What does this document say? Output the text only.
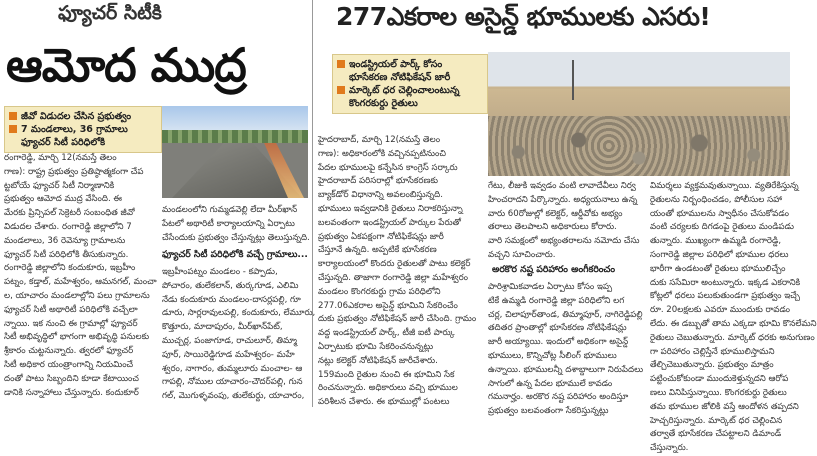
ఫ్యూచర్ సిటీకి
ఆమోద ముద్ర
జీవో విడుదల చేసిన ప్రభుత్వం
7 మండలాలు, 36 గ్రామాలు
ఫ్యూచర్ సిటీ పరిధిలోకి
రంగారెడ్డి, మార్చి 12(నమస్తే తెలం
గాణ): రాష్ట్ర ప్రభుత్వం ప్రతిష్ఠాత్మకంగా చేప
ట్టబోయే ఫ్యూచర్ సిటీ నిర్మాణానికి
ప్రభుత్వం ఆమోద ముద్ర వేసింది. ఈ
మేరకు ప్రిన్సిపల్ సెక్రెటరీ సంబంధిత జీవో
విడుదల చేశారు. రంగారెడ్డి జిల్లాలోని 7
మండలాలు, 36 రెవెన్యూ గ్రామాలను
ఫ్యూచర్ సిటీ పరిధిలోకి తీసుకున్నారు.
రంగారెడ్డి జిల్లాలోని కందుకూరు, ఇబ్రహీం
పట్నం, కడ్తాల్, మహేశ్వరం, ఆమనగల్, మంచా
ల, యాచారం మండలాల్లోని పలు గ్రామాలను
ఫ్యూచర్ సిటీ అథారిటీ పరిధిలోకి వచ్చేలా
న్నాయి. ఇక నుంచి ఈ గ్రామాల్లో ఫ్యూచర్
సిటీ అభివృద్ధిలో భాగంగా అభివృద్ధి పనులకు
శ్రీకారం చుట్టనున్నారు. త్వరలో ఫ్యూచర్
సిటీ అధికార యంత్రాంగాన్ని నియమించే
దంతో పాటు సిబ్బందిని కూడా కేటాయించ
డానికి సన్నాహాలు చేస్తున్నారు. కందుకూర్
మండలంలోని గుమ్మడవెల్లి లేదా మీర్‌ఖాన్
పేటలో అథారిటీ కార్యాలయాన్ని ఏర్పాటు
చేసేందుకు ప్రభుత్వం చేస్తున్నట్లు తెలుస్తున్నది.
ఫ్యూచర్ సిటీ పరిధిలోకి వచ్చే గ్రామాలు...
ఇబ్రహీంపట్నం మండలం - కప్పాడు,
పోచారం, తులేకలాన్, తుర్కగూడ, ఎలిమి
నేడు కందుకూరు మండలం-దాసర్లపల్లి, గూ
డూరు, సార్లరావులపల్లి, కందుకూరు, లేమూరు,
కొత్తూరు, మాదాపురం, మీర్‌ఖాన్‌పేట్,
ముచ్చర్ల, పంజాగూడ, రాచులూర్, తిమ్మా
పూర్, సాయిరెడ్డిగూడ మహేశ్వరం- మహే
శ్వరం, నాగారం, తుమ్మలూరు మంచాల- ఆ
గాపల్లి, నోముల యాచారం-చౌదర్‌పల్లి, గున
గల్, మొగుళ్ళవంపు, తులేకుర్దు, యాచారం,
277ఎకరాల అసైన్డ్ భూములకు ఎసరు!
ఇండస్ట్రియల్ పార్క్ కోసం
భూసేకరణ నోటిఫికేషన్ జారీ
మార్కెట్ ధర చెల్లించాలంటున్న
కొంగరకుర్దు రైతులు
హైదరాబాద్, మార్చి 12(నమస్తే తెలం
గాణ): అధికారంలోకి వచ్చినప్పటినుంచి
పేదల భూములపై కన్నేసిన కాంగ్రెస్ సర్కారు
హైదరాబాద్ పరిసరాల్లో భూసేకరణకు
బ్యాక్‌డోర్ విధానాన్ని అవలంబిస్తున్నది.
భూములు ఇవ్వడానికి రైతులు నిరాకరిస్తున్నా
బలవంతంగా ఇండస్ట్రియల్ పార్కుల పేరుతో
ప్రభుత్వం ఏకపక్షంగా నోటిఫికేషన్లు జారీ
చేస్తూనే ఉన్నది. అప్పటికే భూసేకరణ
కార్యాలయంలో కొందరు రైతులతో పాటు కలెక్టర్
చేస్తున్నది. తాజాగా రంగారెడ్డి జిల్లా మహేశ్వరం
మండలం కొంగరకుర్దు గ్రామ పరిధిలోని
277.06ఎకరాల అసైన్డ్ భూమిని సేకరించేం
దుకు ప్రభుత్వం నోటిఫికేషన్ జారీ చేసింది. గ్రామం
వద్ద ఇండస్ట్రియల్ పార్క్, టీజీ ఐటీ పార్కు
ఏర్పాటుకు భూమి సేకరించనున్నట్లు
నట్లు కలెక్టర్ నోటిఫికేషన్ జారీచేశారు.
159మంది రైతుల నుంచి ఈ భూమిని సేక
రించనున్నారు. అధికారులు వచ్చి భూముల
పరిశీలన చేశారు. ఈ భూముల్లో పంటలు
గేటు, లీజుకి ఇవ్వడం వంటి లావాదేవీలు నిర్వ
హించరాదని పేర్కొన్నారు. అధ్యయనాలు ఉన్న
వారు 60రోజుల్లో కలెక్టర్, ఆర్డీవోకు అభ్యం
తరాలు తెలపాలని అధికారులు కోరారు.
వారి సమక్షంలో అభ్యంతరాలను నమోదు చేసు
వచ్చని సూచించారు.
అరకొర నష్ట పరిహారం అంగీకరించం
పారిశ్రామికవాడల ఏర్పాటు కోసం ఇప్ప
టికే ఉమ్మడి రంగారెడ్డి జిల్లా పరిధిలోని లగ
చర్ల, చిలాపూర్‌తాండ, తిమ్మాపూర్, నాగిరెడ్డిపల్లి
తదితర ప్రాంతాల్లో భూసేకరణ నోటిఫికేషన్లు
జారీ అయ్యాయి. ఇందులో అధికంగా అసైన్డ్
భూములు, కొన్నిచోట్ల సీలింగ్ భూములు
ఉన్నాయి. భూములన్నీ దశాబ్దాలుగా నిరుపేదలు
సాగులో ఉన్న పేదల భూములే కావడం
గమనార్హం. అరకొర నష్ట పరిహారం అందిస్తూ
ప్రభుత్వం బలవంతంగా సేకరిస్తున్నట్లు
విమర్శలు వ్యక్తమవుతున్నాయి. వ్యతిరేకిస్తున్న
రైతులను నిర్బంధించడం, పోలీసుల సహా
యంతో భూములను స్వాధీనం చేసుకోవడం
వంటి చర్యలకు దిగడంపై రైతులు మండిపడు
తున్నారు. ముఖ్యంగా ఉమ్మడి రంగారెడ్డి,
సంగారెడ్డి జిల్లాల పరిధిలో భూముల ధరలు
భారీగా ఉండటంతో రైతులు భూములిచ్చేం
దుకు ససేమిరా అంటున్నారు. ఇక్కడ ఎకరానికి
కోట్లలో ధరలు పలుకుతుండగా ప్రభుత్వం ఇచ్చే
రూ. 20లక్షలకు ఎవరూ ముందుకు రావడం
లేదు. ఈ డబ్బుతో తామ ఎక్కడా భూమి కొనలేమని
రైతులు చెబుతున్నారు. మార్కెట్ ధరకు అనుగుణం
గా పరిహారం చెల్లిస్తేనే భూములిస్తామని
తేల్చిచెబుతున్నారు. ప్రభుత్వం మాత్రం
పట్టించుకోకుండా ముందుకెళ్తున్నదని ఆరోప
ణలు వినిపిస్తున్నాయి. కొంగరకుర్దు రైతులు
తమ భూముల జోలికి వస్తే ఆందోళన తప్పదని
హెచ్చరిస్తున్నారు. మార్కెట్ ధర చెల్లించిన
తర్వాతే భూసేకరణ చేపట్టాలని డిమాండ్
చేస్తున్నారు.
